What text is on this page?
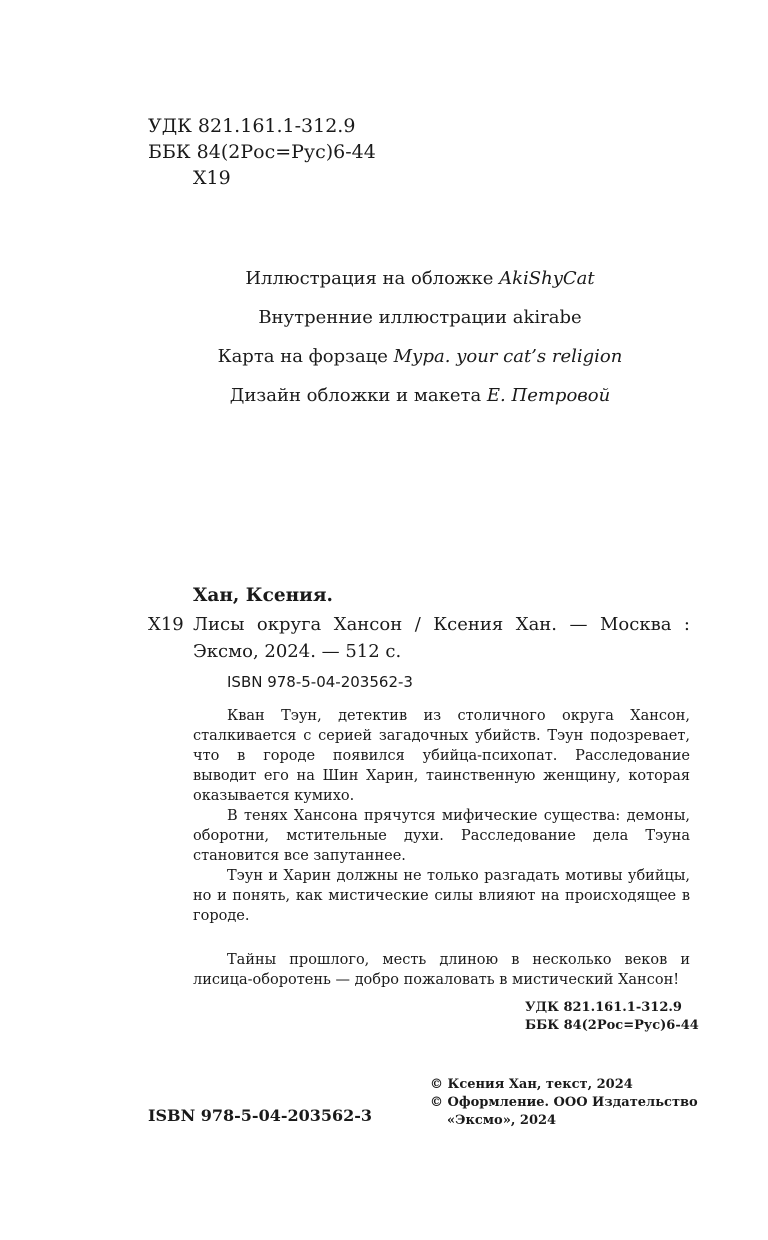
УДК 821.161.1-312.9
ББК 84(2Рос=Рус)6-44
Х19
Иллюстрация на обложке AkiShyCat
Внутренние иллюстрации akirabe
Карта на форзаце Мура. your cat’s religion
Дизайн обложки и макета Е. Петровой
Хан, Ксения.
Х19 Лисы округа Хансон / Ксения Хан. — Москва :
Эксмо, 2024. — 512 с.
ISBN 978-5-04-203562-3

Кван Тэун, детектив из столичного округа Хансон, сталкивается с серией загадочных убийств. Тэун подозревает, что в городе появился убийца-психопат. Расследование выводит его на Шин Харин, таинственную женщину, которая оказывается кумихо.

В тенях Хансона прячутся мифические существа: демоны, оборотни, мстительные духи. Расследование дела Тэуна становится все запутаннее.

Тэун и Харин должны не только разгадать мотивы убийцы, но и понять, как мистические силы влияют на происходящее в городе.

Тайны прошлого, месть длиною в несколько веков и лисица-оборотень — добро пожаловать в мистический Хансон!

УДК 821.161.1-312.9
ББК 84(2Рос=Рус)6-44
© Ксения Хан, текст, 2024
© Оформление. ООО Издательство
«Эксмо», 2024
ISBN 978-5-04-203562-3
